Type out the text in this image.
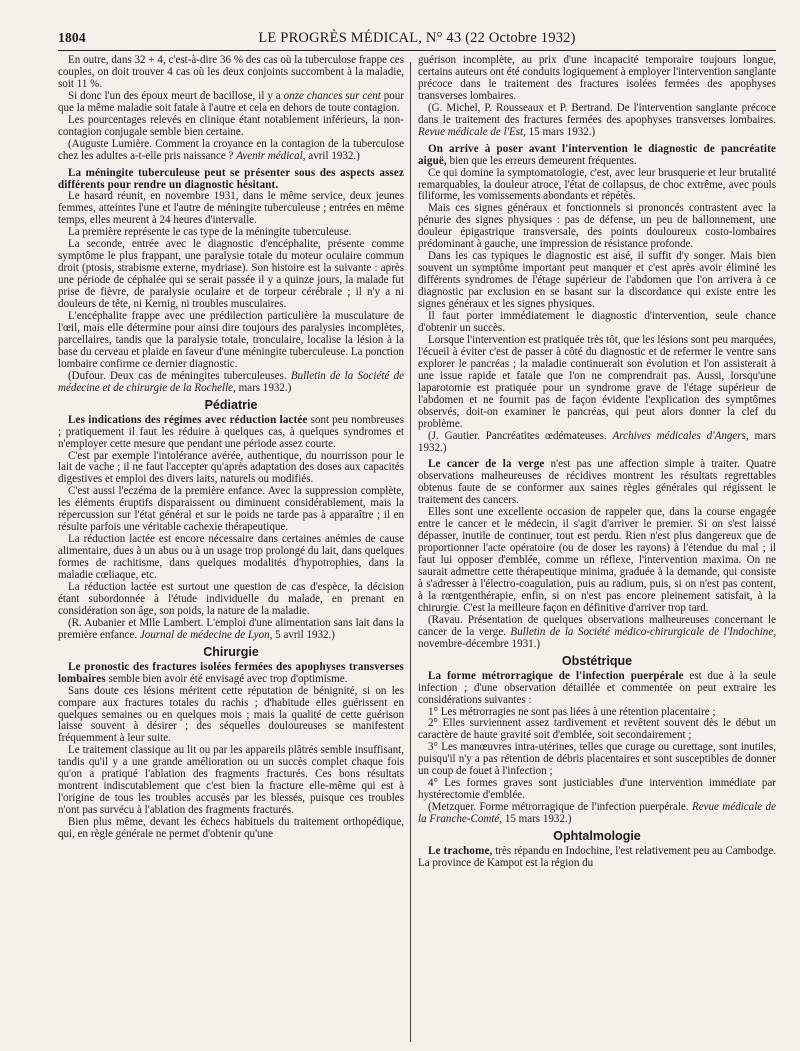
1804	LE PROGRÈS MÉDICAL, N° 43 (22 Octobre 1932)

En outre, dans 32 + 4, c'est-à-dire 36 % des cas où la tuberculose frappe ces couples, on doit trouver 4 cas où les deux conjoints succombent à la maladie, soit 11 %.

Si donc l'un des époux meurt de bacillose, il y a onze chances sur cent pour que la même maladie soit fatale à l'autre et cela en dehors de toute contagion.

Les pourcentages relevés en clinique étant notablement inférieurs, la non-contagion conjugale semble bien certaine.

(Auguste Lumière. Comment la croyance en la contagion de la tuberculose chez les adultes a-t-elle pris naissance ? Avenir médical, avril 1932.)

La méningite tuberculeuse peut se présenter sous des aspects assez différents pour rendre un diagnostic hésitant.

Le hasard réunit, en novembre 1931, dans le même service, deux jeunes femmes, atteintes l'une et l'autre de méningite tuberculeuse ; entrées en même temps, elles meurent à 24 heures d'intervalle.

La première représente le cas type de la méningite tuberculeuse.

La seconde, entrée avec le diagnostic d'encéphalite, présente comme symptôme le plus frappant, une paralysie totale du moteur oculaire commun droit (ptosis, strabisme externe, mydriase). Son histoire est la suivante : après une période de céphalée qui se serait passée il y a quinze jours, la malade fut prise de fièvre, de paralysie oculaire et de torpeur cérébrale ; il n'y a ni douleurs de tête, ni Kernig, ni troubles musculaires.

L'encéphalite frappe avec une prédilection particulière la musculature de l'œil, mais elle détermine pour ainsi dire toujours des paralysies incomplètes, parcellaires, tandis que la paralysie totale, tronculaire, localise la lésion à la base du cerveau et plaide en faveur d'une méningite tuberculeuse. La ponction lombaire confirme ce dernier diagnostic.

(Dufour. Deux cas de méningites tuberculeuses. Bulletin de la Société de médecine et de chirurgie de la Rochelle, mars 1932.)

Pédiatrie

Les indications des régimes avec réduction lactée sont peu nombreuses ; pratiquement il faut les réduire à quelques cas, à quelques syndromes et n'employer cette mesure que pendant une période assez courte.

C'est par exemple l'intolérance avérée, authentique, du nourrisson pour le lait de vache ; il ne faut l'accepter qu'après adaptation des doses aux capacités digestives et emploi des divers laits, naturels ou modifiés.

C'est aussi l'eczéma de la première enfance. Avec la suppression complète, les éléments éruptifs disparaissent ou diminuent considérablement, mais la répercussion sur l'état général et sur le poids ne tarde pas à apparaître ; il en résulte parfois une véritable cachexie thérapeutique.

La réduction lactée est encore nécessaire dans certaines anémies de cause alimentaire, dues à un abus ou à un usage trop prolongé du lait, dans quelques formes de rachitisme, dans quelques modalités d'hypotrophies, dans la maladie cœliaque, etc.

La réduction lactée est surtout une question de cas d'espèce, la décision étant subordonnée à l'étude individuelle du malade, en prenant en considération son âge, son poids, la nature de la maladie.

(R. Aubanier et Mlle Lambert. L'emploi d'une alimentation sans lait dans la première enfance. Journal de médecine de Lyon, 5 avril 1932.)

Chirurgie

Le pronostic des fractures isolées fermées des apophyses transverses lombaires semble bien avoir été envisagé avec trop d'optimisme.

Sans doute ces lésions méritent cette réputation de bénignité, si on les compare aux fractures totales du rachis ; d'habitude elles guérissent en quelques semaines ou en quelques mois ; mais la qualité de cette guérison laisse souvent à désirer ; des séquelles douloureuses se manifestent fréquemment à leur suite.

Le traitement classique au lit ou par les appareils plâtrés semble insuffisant, tandis qu'il y a une grande amélioration ou un succès complet chaque fois qu'on a pratiqué l'ablation des fragments fracturés. Ces bons résultats montrent indiscutablement que c'est bien la fracture elle-même qui est à l'origine de tous les troubles accusés par les blessés, puisque ces troubles n'ont pas survécu à l'ablation des fragments fracturés.

Bien plus même, devant les échecs habituels du traitement orthopédique, qui, en règle générale ne permet d'obtenir qu'une

guérison incomplète, au prix d'une incapacité temporaire toujours longue, certains auteurs ont été conduits logiquement à employer l'intervention sanglante précoce dans le traitement des fractures isolées fermées des apophyses transverses lombaires.

(G. Michel, P. Rousseaux et P. Bertrand. De l'intervention sanglante précoce dans le traitement des fractures fermées des apophyses transverses lombaires. Revue médicale de l'Est, 15 mars 1932.)

On arrive à poser avant l'intervention le diagnostic de pancréatite aiguë, bien que les erreurs demeurent fréquentes.

Ce qui domine la symptomatologie, c'est, avec leur brusquerie et leur brutalité remarquables, la douleur atroce, l'état de collapsus, de choc extrême, avec pouls filiforme, les vomissements abondants et répétés.

Mais ces signes généraux et fonctionnels si prononcés contrastent avec la pénurie des signes physiques : pas de défense, un peu de ballonnement, une douleur épigastrique transversale, des points douloureux costo-lombaires prédominant à gauche, une impression de résistance profonde.

Dans les cas typiques le diagnostic est aisé, il suffit d'y songer. Mais bien souvent un symptôme important peut manquer et c'est après avoir éliminé les différents syndromes de l'étage supérieur de l'abdomen que l'on arrivera à ce diagnostic par exclusion en se basant sur la discordance qui existe entre les signes généraux et les signes physiques.

Il faut porter immédiatement le diagnostic d'intervention, seule chance d'obtenir un succès.

Lorsque l'intervention est pratiquée très tôt, que les lésions sont peu marquées, l'écueil à éviter c'est de passer à côté du diagnostic et de refermer le ventre sans explorer le pancréas ; la maladie continuerait son évolution et l'on assisterait à une issue rapide et fatale que l'on ne comprendrait pas. Aussi, lorsqu'une laparotomie est pratiquée pour un syndrome grave de l'étage supérieur de l'abdomen et ne fournit pas de façon évidente l'explication des symptômes observés, doit-on examiner le pancréas, qui peut alors donner la clef du problème.

(J. Gautier. Pancréatites œdémateuses. Archives médicales d'Angers, mars 1932.)

Le cancer de la verge n'est pas une affection simple à traiter. Quatre observations malheureuses de récidives montrent les résultats regrettables obtenus faute de se conformer aux saines règles générales qui régissent le traitement des cancers.

Elles sont une excellente occasion de rappeler que, dans la course engagée entre le cancer et le médecin, il s'agit d'arriver le premier. Si on s'est laissé dépasser, inutile de continuer, tout est perdu. Rien n'est plus dangereux que de proportionner l'acte opératoire (ou de doser les rayons) à l'étendue du mal ; il faut lui opposer d'emblée, comme un réflexe, l'intervention maxima. On ne saurait admettre cette thérapeutique minima, graduée à la demande, qui consiste à s'adresser à l'électro-coagulation, puis au radium, puis, si on n'est pas content, à la rœntgenthérapie, enfin, si on n'est pas encore pleinement satisfait, à la chirurgie. C'est la meilleure façon en définitive d'arriver trop tard.

(Ravau. Présentation de quelques observations malheureuses concernant le cancer de la verge. Bulletin de la Société médico-chirurgicale de l'Indochine, novembre-décembre 1931.)

Obstétrique

La forme métrorragique de l'infection puerpérale est due à la seule infection ; d'une observation détaillée et commentée on peut extraire les considérations suivantes :

1° Les métrorragies ne sont pas liées à une rétention placentaire ;

2° Elles surviennent assez tardivement et revêtent souvent dès le début un caractère de haute gravité soit d'emblée, soit secondairement ;

3° Les manœuvres intra-utérines, telles que curage ou curettage, sont inutiles, puisqu'il n'y a pas rétention de débris placentaires et sont susceptibles de donner un coup de fouet à l'infection ;

4° Les formes graves sont justiciables d'une intervention immédiate par hystérectomie d'emblée.

(Metzquer. Forme métrorragique de l'infection puerpérale. Revue médicale de la Franche-Comté, 15 mars 1932.)

Ophtalmologie

Le trachome, très répandu en Indochine, l'est relativement peu au Cambodge. La province de Kampot est la région du
